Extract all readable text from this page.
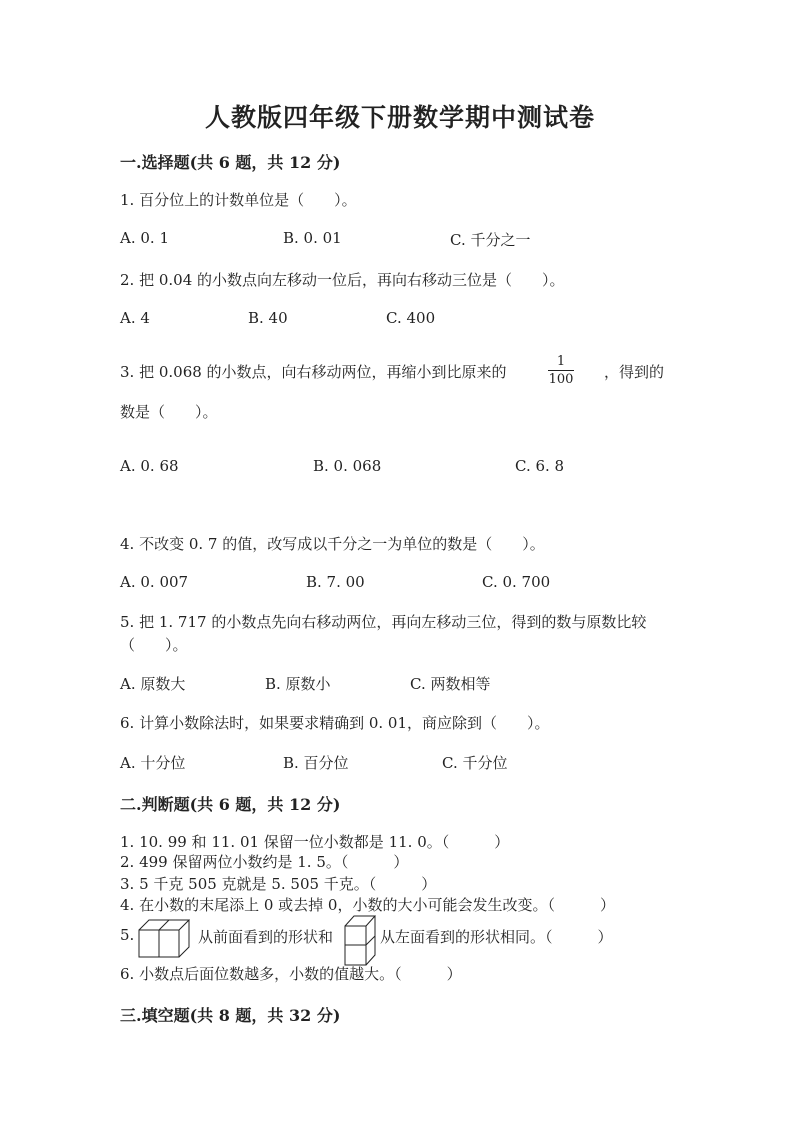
人教版四年级下册数学期中测试卷
一.选择题(共 6 题，共 12 分)
1. 百分位上的计数单位是（　　）。
A. 0. 1	B. 0. 01	C. 千分之一
2. 把 0.04 的小数点向左移动一位后，再向右移动三位是（　　）。
A. 4	B. 40	C. 400
3. 把 0.068 的小数点，向右移动两位，再缩小到比原来的
1
100 ，得到的
数是（　　）。
A. 0. 68	B. 0. 068	C. 6. 8
4. 不改变 0. 7 的值，改写成以千分之一为单位的数是（　　）。
A. 0. 007	B. 7. 00	C. 0. 700
5. 把 1. 717 的小数点先向右移动两位，再向左移动三位，得到的数与原数比较
（　　）。
A. 原数大	B. 原数小	C. 两数相等
6. 计算小数除法时，如果要求精确到 0. 01，商应除到（　　）。
A. 十分位	B. 百分位	C. 千分位
二.判断题(共 6 题，共 12 分)
1. 10. 99 和 11. 01 保留一位小数都是 11. 0。（　　　）
2. 499 保留两位小数约是 1. 5。（　　　）
3. 5 千克 505 克就是 5. 505 千克。（　　　）
4. 在小数的末尾添上 0 或去掉 0，小数的大小可能会发生改变。（　　　）
5.	从前面看到的形状和	从左面看到的形状相同。（　　　）
6. 小数点后面位数越多，小数的值越大。（　　　）
三.填空题(共 8 题，共 32 分)
